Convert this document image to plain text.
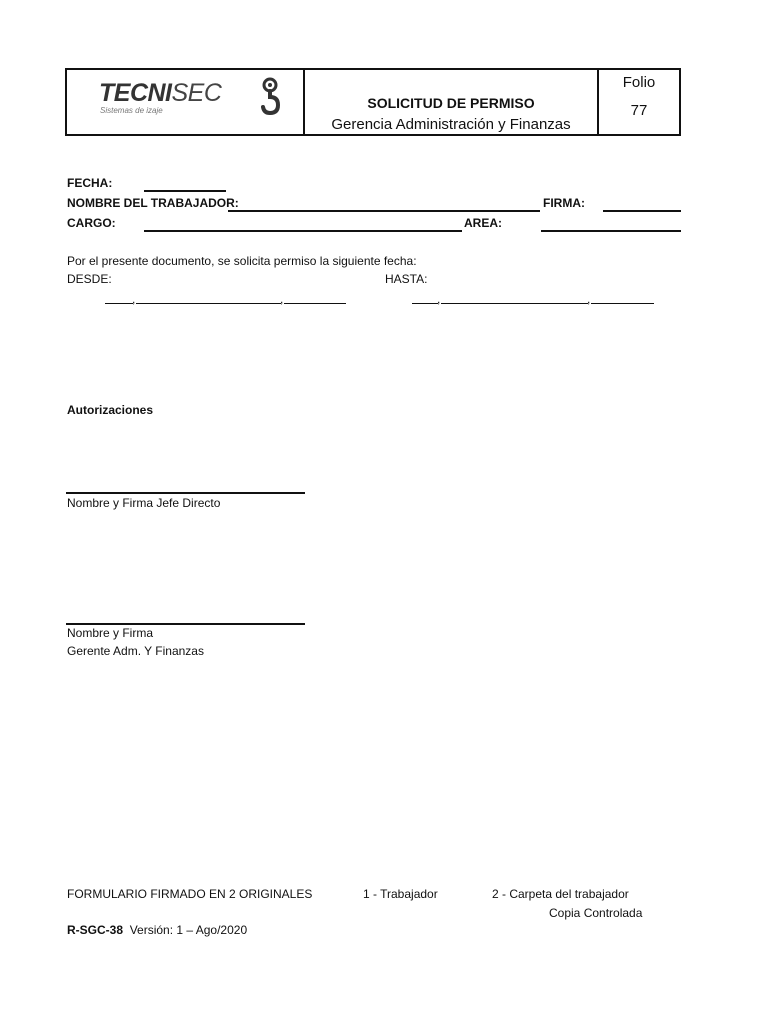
TECNISEC
Sistemas de izaje	SOLICITUD DE PERMISO
Gerencia Administración y Finanzas
Folio
77
FECHA:
NOMBRE DEL TRABAJADOR:	FIRMA:
CARGO:	AREA:
Por el presente documento, se solicita permiso la siguiente fecha:
DESDE:	HASTA:
,	,	,	,
Autorizaciones
Nombre y Firma Jefe Directo
Nombre y Firma
Gerente Adm. Y Finanzas
FORMULARIO FIRMADO EN 2 ORIGINALES	1 - Trabajador	2 - Carpeta del trabajador
Copia Controlada
R-SGC-38 Versión: 1 – Ago/2020
